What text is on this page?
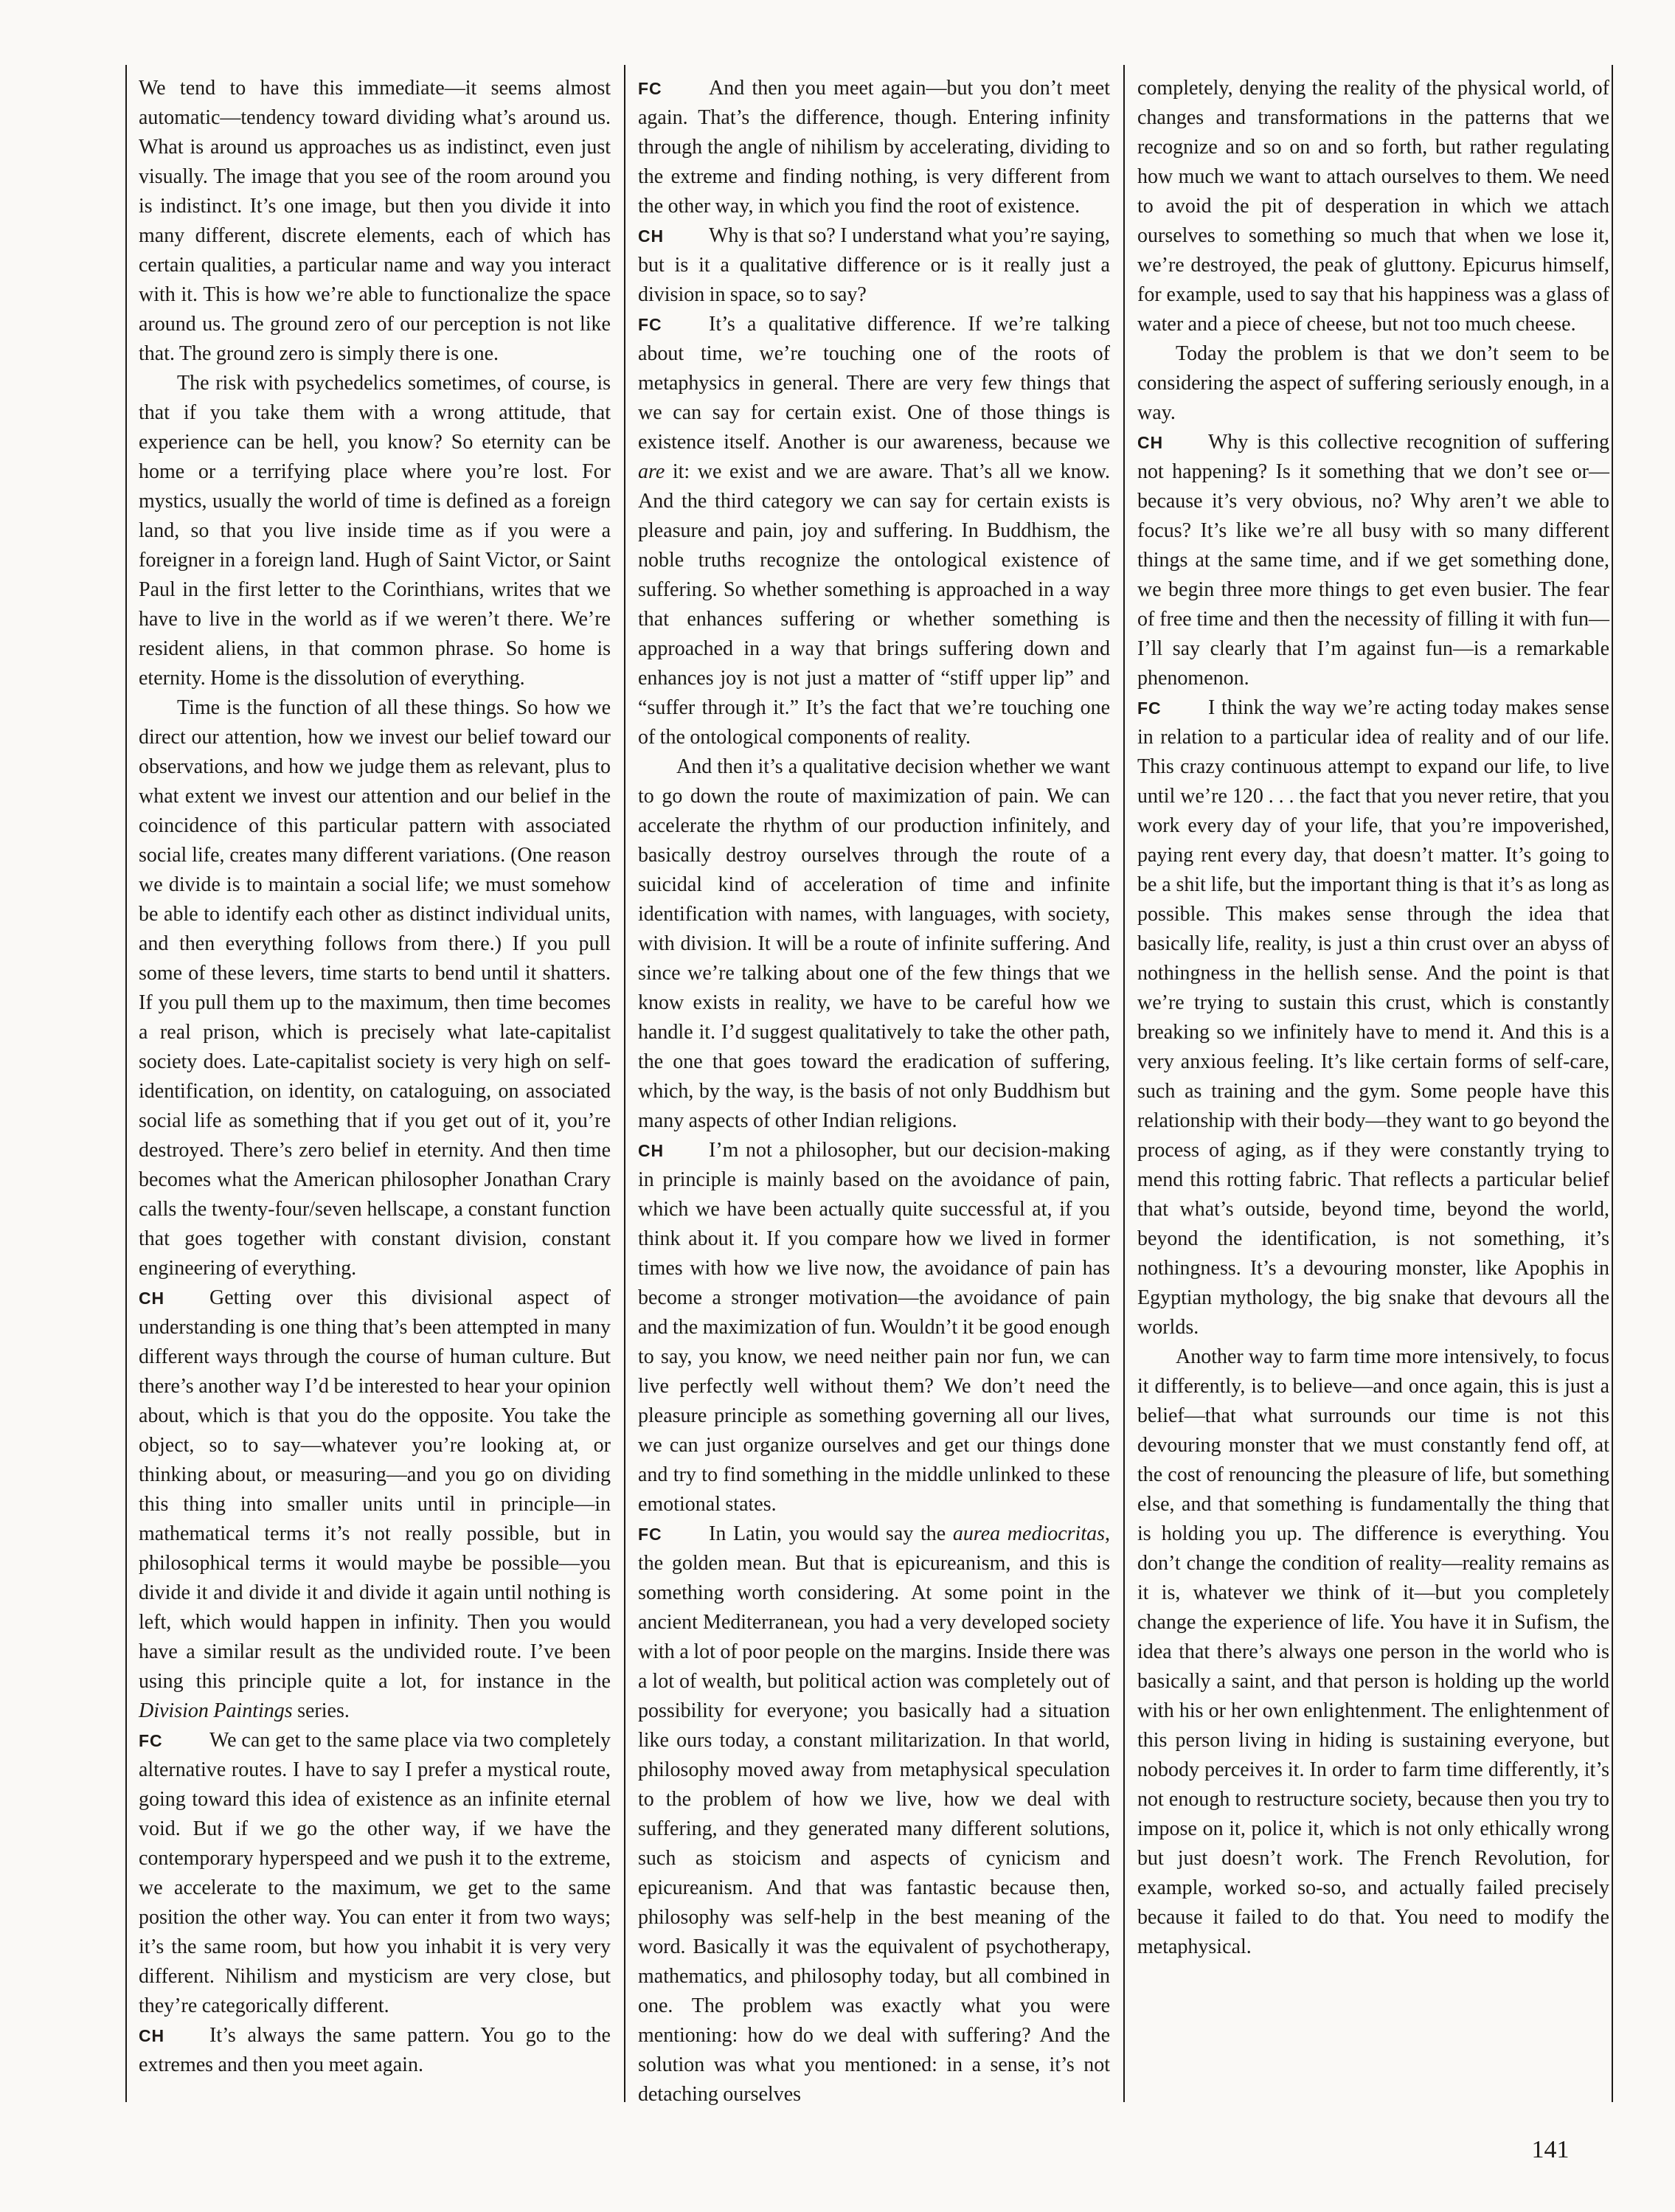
We tend to have this immediate—it seems almost automatic—tendency toward dividing what’s around us. What is around us approaches us as indistinct, even just visually. The image that you see of the room around you is indistinct. It’s one image, but then you divide it into many different, discrete elements, each of which has certain qualities, a particular name and way you interact with it. This is how we’re able to functionalize the space around us. The ground zero of our perception is not like that. The ground zero is simply there is one.

The risk with psychedelics sometimes, of course, is that if you take them with a wrong attitude, that experience can be hell, you know? So eternity can be home or a terrifying place where you’re lost. For mystics, usually the world of time is defined as a foreign land, so that you live inside time as if you were a foreigner in a foreign land. Hugh of Saint Victor, or Saint Paul in the first letter to the Corinthians, writes that we have to live in the world as if we weren’t there. We’re resident aliens, in that common phrase. So home is eternity. Home is the dissolution of everything.

Time is the function of all these things. So how we direct our attention, how we invest our belief toward our observations, and how we judge them as relevant, plus to what extent we invest our attention and our belief in the coincidence of this particular pattern with associated social life, creates many different variations. (One reason we divide is to maintain a social life; we must somehow be able to identify each other as distinct individual units, and then everything follows from there.) If you pull some of these levers, time starts to bend until it shatters. If you pull them up to the maximum, then time becomes a real prison, which is precisely what late-capitalist society does. Late-capitalist society is very high on self-identification, on identity, on cataloguing, on associated social life as something that if you get out of it, you’re destroyed. There’s zero belief in eternity. And then time becomes what the American philosopher Jonathan Crary calls the twenty-four/seven hellscape, a constant function that goes together with constant division, constant engineering of everything.

CH Getting over this divisional aspect of understanding is one thing that’s been attempted in many different ways through the course of human culture. But there’s another way I’d be interested to hear your opinion about, which is that you do the opposite. You take the object, so to say—whatever you’re looking at, or thinking about, or measuring—and you go on dividing this thing into smaller units until in principle—in mathematical terms it’s not really possible, but in philosophical terms it would maybe be possible—you divide it and divide it and divide it again until nothing is left, which would happen in infinity. Then you would have a similar result as the undivided route. I’ve been using this principle quite a lot, for instance in the Division Paintings series.

FC We can get to the same place via two completely alternative routes. I have to say I prefer a mystical route, going toward this idea of existence as an infinite eternal void. But if we go the other way, if we have the contemporary hyperspeed and we push it to the extreme, we accelerate to the maximum, we get to the same position the other way. You can enter it from two ways; it’s the same room, but how you inhabit it is very very different. Nihilism and mysticism are very close, but they’re categorically different.

CH It’s always the same pattern. You go to the extremes and then you meet again.

FC And then you meet again—but you don’t meet again. That’s the difference, though. Entering infinity through the angle of nihilism by accelerating, dividing to the extreme and finding nothing, is very different from the other way, in which you find the root of existence.

CH Why is that so? I understand what you’re saying, but is it a qualitative difference or is it really just a division in space, so to say?

FC It’s a qualitative difference. If we’re talking about time, we’re touching one of the roots of metaphysics in general. There are very few things that we can say for certain exist. One of those things is existence itself. Another is our awareness, because we are it: we exist and we are aware. That’s all we know. And the third category we can say for certain exists is pleasure and pain, joy and suffering. In Buddhism, the noble truths recognize the ontological existence of suffering. So whether something is approached in a way that enhances suffering or whether something is approached in a way that brings suffering down and enhances joy is not just a matter of “stiff upper lip” and “suffer through it.” It’s the fact that we’re touching one of the ontological components of reality.

And then it’s a qualitative decision whether we want to go down the route of maximization of pain. We can accelerate the rhythm of our production infinitely, and basically destroy ourselves through the route of a suicidal kind of acceleration of time and infinite identification with names, with languages, with society, with division. It will be a route of infinite suffering. And since we’re talking about one of the few things that we know exists in reality, we have to be careful how we handle it. I’d suggest qualitatively to take the other path, the one that goes toward the eradication of suffering, which, by the way, is the basis of not only Buddhism but many aspects of other Indian religions.

CH I’m not a philosopher, but our decision-making in principle is mainly based on the avoidance of pain, which we have been actually quite successful at, if you think about it. If you compare how we lived in former times with how we live now, the avoidance of pain has become a stronger motivation—the avoidance of pain and the maximization of fun. Wouldn’t it be good enough to say, you know, we need neither pain nor fun, we can live perfectly well without them? We don’t need the pleasure principle as something governing all our lives, we can just organize ourselves and get our things done and try to find something in the middle unlinked to these emotional states.

FC In Latin, you would say the aurea mediocritas, the golden mean. But that is epicureanism, and this is something worth considering. At some point in the ancient Mediterranean, you had a very developed society with a lot of poor people on the margins. Inside there was a lot of wealth, but political action was completely out of possibility for everyone; you basically had a situation like ours today, a constant militarization. In that world, philosophy moved away from metaphysical speculation to the problem of how we live, how we deal with suffering, and they generated many different solutions, such as stoicism and aspects of cynicism and epicureanism. And that was fantastic because then, philosophy was self-help in the best meaning of the word. Basically it was the equivalent of psychotherapy, mathematics, and philosophy today, but all combined in one. The problem was exactly what you were mentioning: how do we deal with suffering? And the solution was what you mentioned: in a sense, it’s not detaching ourselves

completely, denying the reality of the physical world, of changes and transformations in the patterns that we recognize and so on and so forth, but rather regulating how much we want to attach ourselves to them. We need to avoid the pit of desperation in which we attach ourselves to something so much that when we lose it, we’re destroyed, the peak of gluttony. Epicurus himself, for example, used to say that his happiness was a glass of water and a piece of cheese, but not too much cheese.

Today the problem is that we don’t seem to be considering the aspect of suffering seriously enough, in a way.

CH Why is this collective recognition of suffering not happening? Is it something that we don’t see or—because it’s very obvious, no? Why aren’t we able to focus? It’s like we’re all busy with so many different things at the same time, and if we get something done, we begin three more things to get even busier. The fear of free time and then the necessity of filling it with fun—I’ll say clearly that I’m against fun—is a remarkable phenomenon.

FC I think the way we’re acting today makes sense in relation to a particular idea of reality and of our life. This crazy continuous attempt to expand our life, to live until we’re 120 . . . the fact that you never retire, that you work every day of your life, that you’re impoverished, paying rent every day, that doesn’t matter. It’s going to be a shit life, but the important thing is that it’s as long as possible. This makes sense through the idea that basically life, reality, is just a thin crust over an abyss of nothingness in the hellish sense. And the point is that we’re trying to sustain this crust, which is constantly breaking so we infinitely have to mend it. And this is a very anxious feeling. It’s like certain forms of self-care, such as training and the gym. Some people have this relationship with their body—they want to go beyond the process of aging, as if they were constantly trying to mend this rotting fabric. That reflects a particular belief that what’s outside, beyond time, beyond the world, beyond the identification, is not something, it’s nothingness. It’s a devouring monster, like Apophis in Egyptian mythology, the big snake that devours all the worlds.

Another way to farm time more intensively, to focus it differently, is to believe—and once again, this is just a belief—that what surrounds our time is not this devouring monster that we must constantly fend off, at the cost of renouncing the pleasure of life, but something else, and that something is fundamentally the thing that is holding you up. The difference is everything. You don’t change the condition of reality—reality remains as it is, whatever we think of it—but you completely change the experience of life. You have it in Sufism, the idea that there’s always one person in the world who is basically a saint, and that person is holding up the world with his or her own enlightenment. The enlightenment of this person living in hiding is sustaining everyone, but nobody perceives it. In order to farm time differently, it’s not enough to restructure society, because then you try to impose on it, police it, which is not only ethically wrong but just doesn’t work. The French Revolution, for example, worked so-so, and actually failed precisely because it failed to do that. You need to modify the metaphysical.

141
